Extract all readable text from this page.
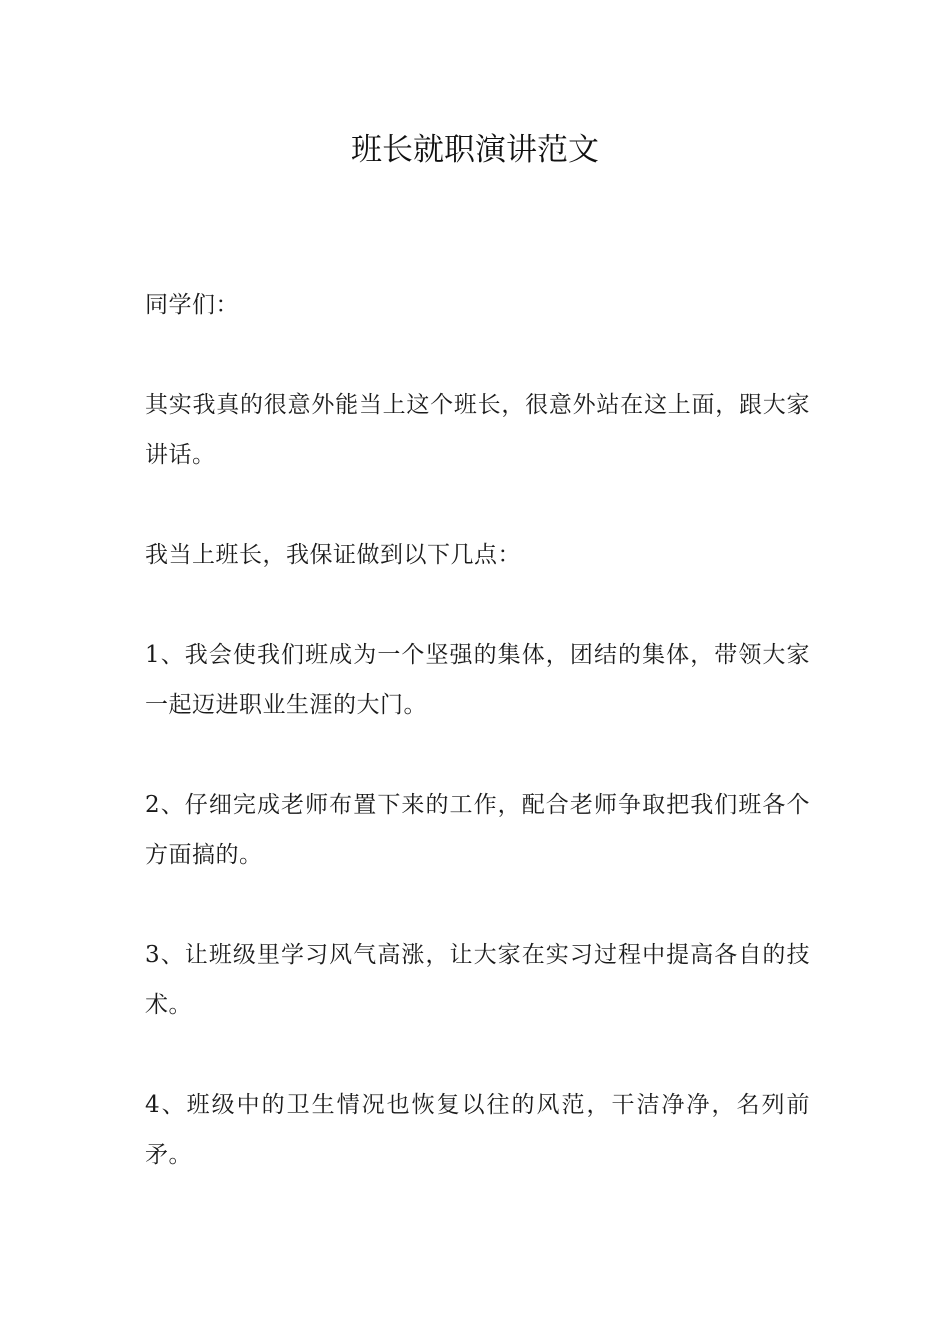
班长就职演讲范文

同学们：

其实我真的很意外能当上这个班长，很意外站在这上面，跟大家讲话。

我当上班长，我保证做到以下几点：

1、我会使我们班成为一个坚强的集体，团结的集体，带领大家一起迈进职业生涯的大门。

2、仔细完成老师布置下来的工作，配合老师争取把我们班各个方面搞的。

3、让班级里学习风气高涨，让大家在实习过程中提高各自的技术。

4、班级中的卫生情况也恢复以往的风范，干洁净净，名列前矛。
